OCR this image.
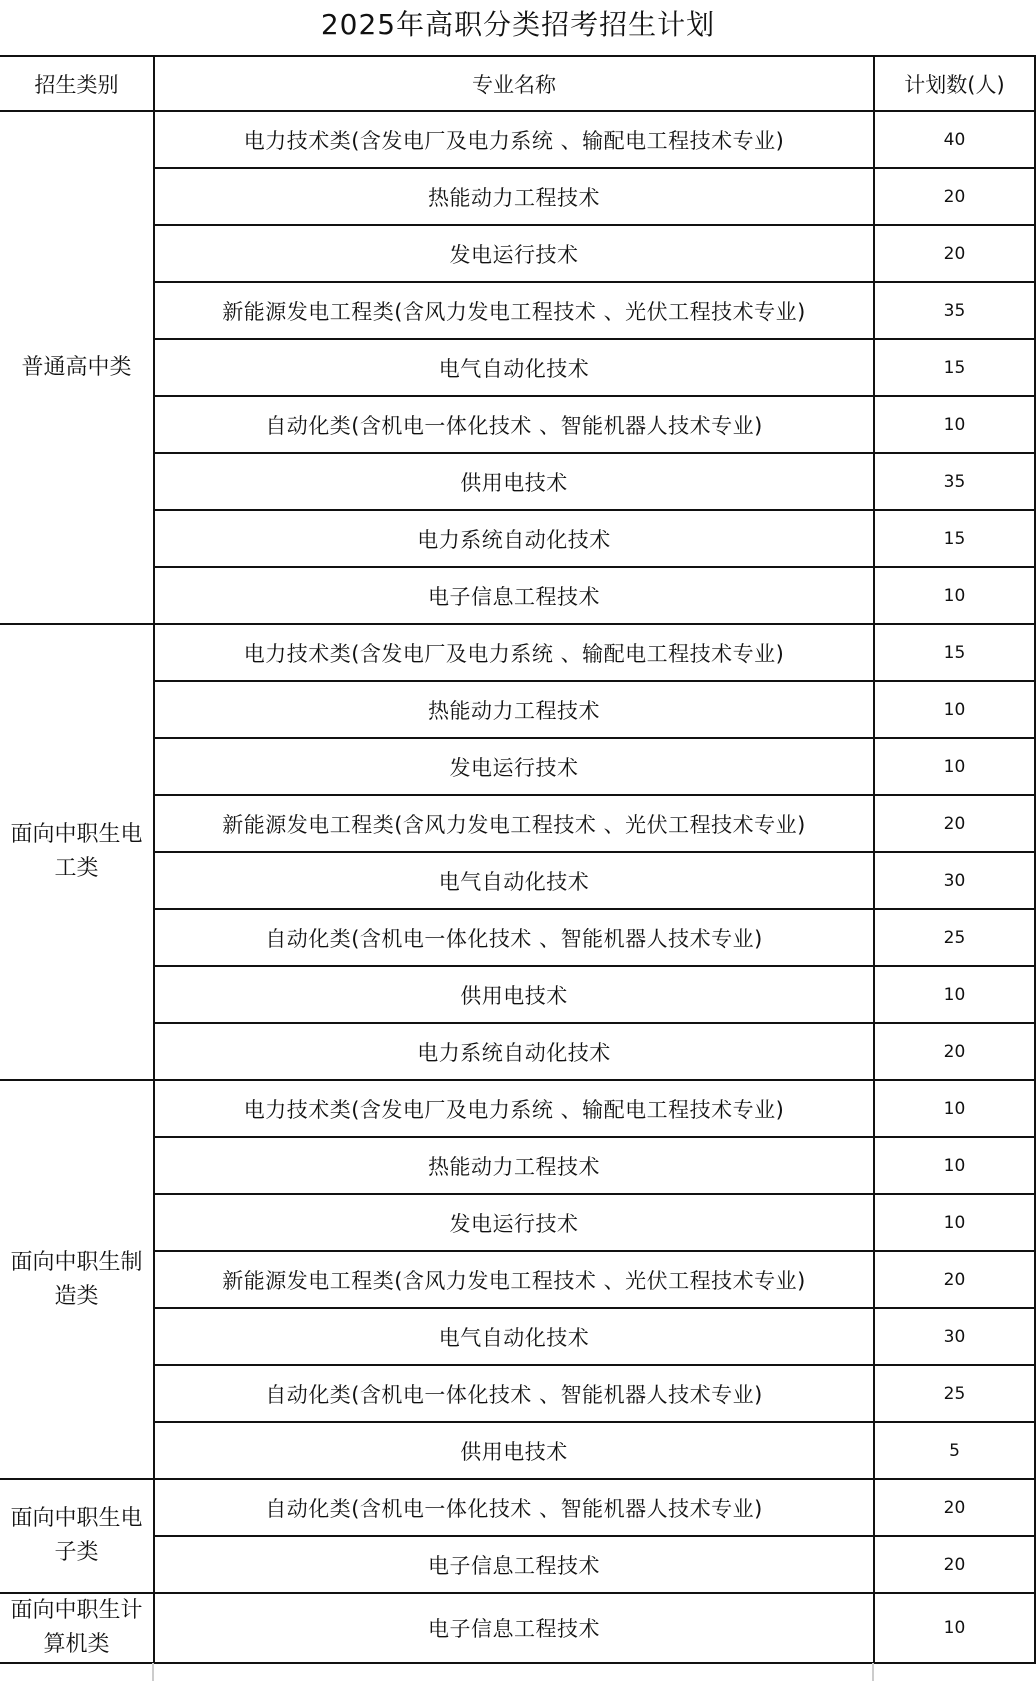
2025年高职分类招考招生计划
招生类别	专业名称	计划数(人)
普通高中类	电力技术类(含发电厂及电力系统 、输配电工程技术专业)	40
	热能动力工程技术	20
	发电运行技术	20
	新能源发电工程类(含风力发电工程技术 、光伏工程技术专业)	35
	电气自动化技术	15
	自动化类(含机电一体化技术 、智能机器人技术专业)	10
	供用电技术	35
	电力系统自动化技术	15
	电子信息工程技术	10
面向中职生电工类	电力技术类(含发电厂及电力系统 、输配电工程技术专业)	15
	热能动力工程技术	10
	发电运行技术	10
	新能源发电工程类(含风力发电工程技术 、光伏工程技术专业)	20
	电气自动化技术	30
	自动化类(含机电一体化技术 、智能机器人技术专业)	25
	供用电技术	10
	电力系统自动化技术	20
面向中职生制造类	电力技术类(含发电厂及电力系统 、输配电工程技术专业)	10
	热能动力工程技术	10
	发电运行技术	10
	新能源发电工程类(含风力发电工程技术 、光伏工程技术专业)	20
	电气自动化技术	30
	自动化类(含机电一体化技术 、智能机器人技术专业)	25
	供用电技术	5
面向中职生电子类	自动化类(含机电一体化技术 、智能机器人技术专业)	20
	电子信息工程技术	20
面向中职生计算机类	电子信息工程技术	10
